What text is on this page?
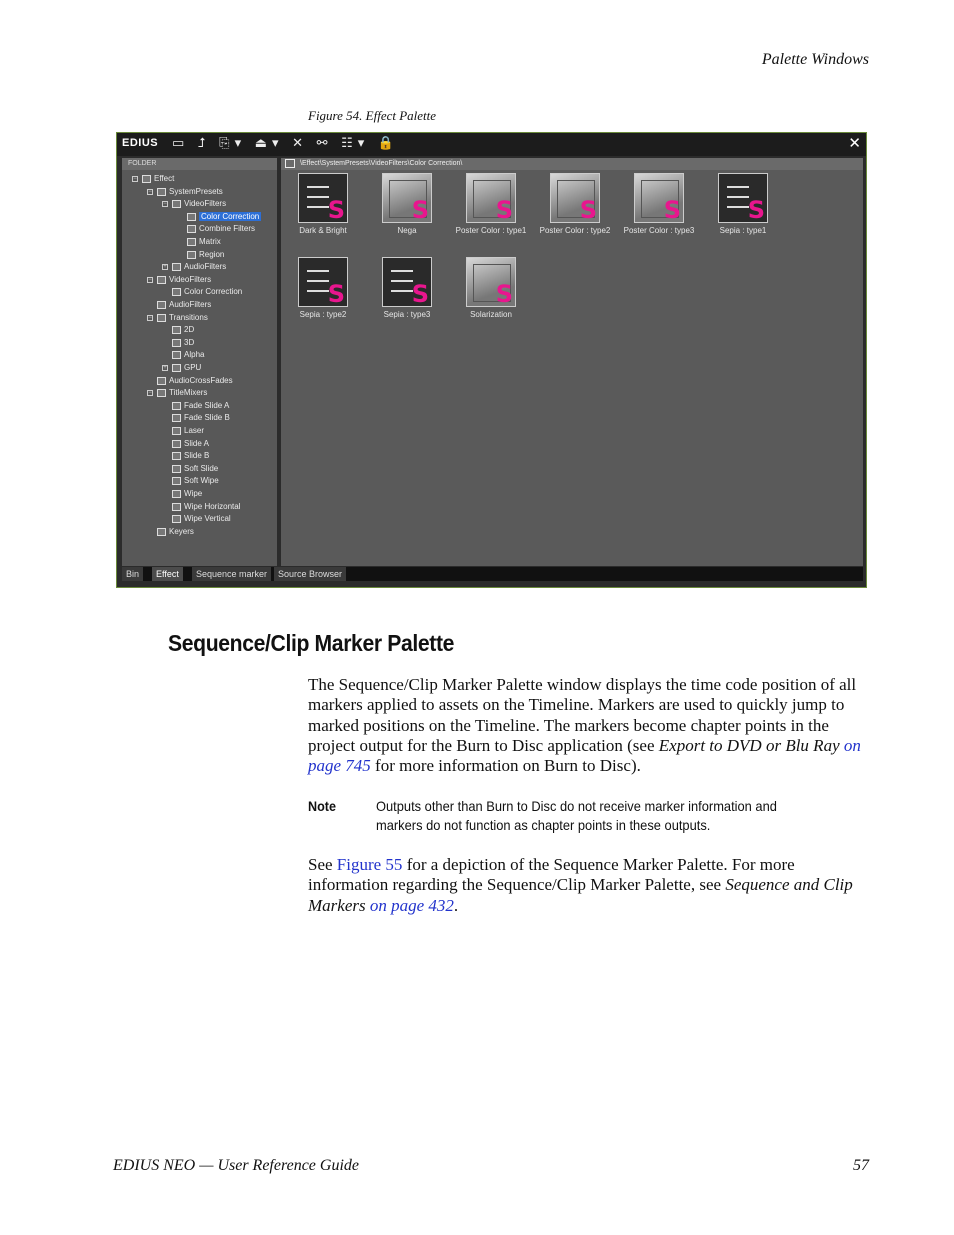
Palette Windows
Figure 54. Effect Palette
EDIUS ▭ ⮥ ⎘▾ ⏏▾ ✕ ⚯ ☷▾ 🔒	✕
FOLDER
Effect
−
SystemPresets
−
VideoFilters
−
Color Correction
Combine Filters
Matrix
Region
AudioFilters
+
VideoFilters
−
Color Correction
AudioFilters
Transitions
−
2D
3D
Alpha
GPU
+
AudioCrossFades
TitleMixers
−
Fade Slide A
Fade Slide B
Laser
Slide A
Slide B
Soft Slide
Soft Wipe
Wipe
Wipe Horizontal
Wipe Vertical
Keyers
\Effect\SystemPresets\VideoFilters\Color Correction\
S
Dark & Bright
S
Nega
S
Poster Color : type1
S
Poster Color : type2
S
Poster Color : type3
S
Sepia : type1
S
Sepia : type2
S
Sepia : type3
S
Solarization
Bin	Effect	Sequence marker	Source Browser
Sequence/Clip Marker Palette
The Sequence/Clip Marker Palette window displays the time code position of all markers applied to assets on the Timeline. Markers are used to quickly jump to marked positions on the Timeline. The markers become chapter points in the project output for the Burn to Disc application (see Export to DVD or Blu Ray on page 745 for more information on Burn to Disc).
Note	Outputs other than Burn to Disc do not receive marker information and markers do not function as chapter points in these outputs.
See Figure 55 for a depiction of the Sequence Marker Palette. For more information regarding the Sequence/Clip Marker Palette, see Sequence and Clip Markers on page 432.
EDIUS NEO — User Reference Guide	57
